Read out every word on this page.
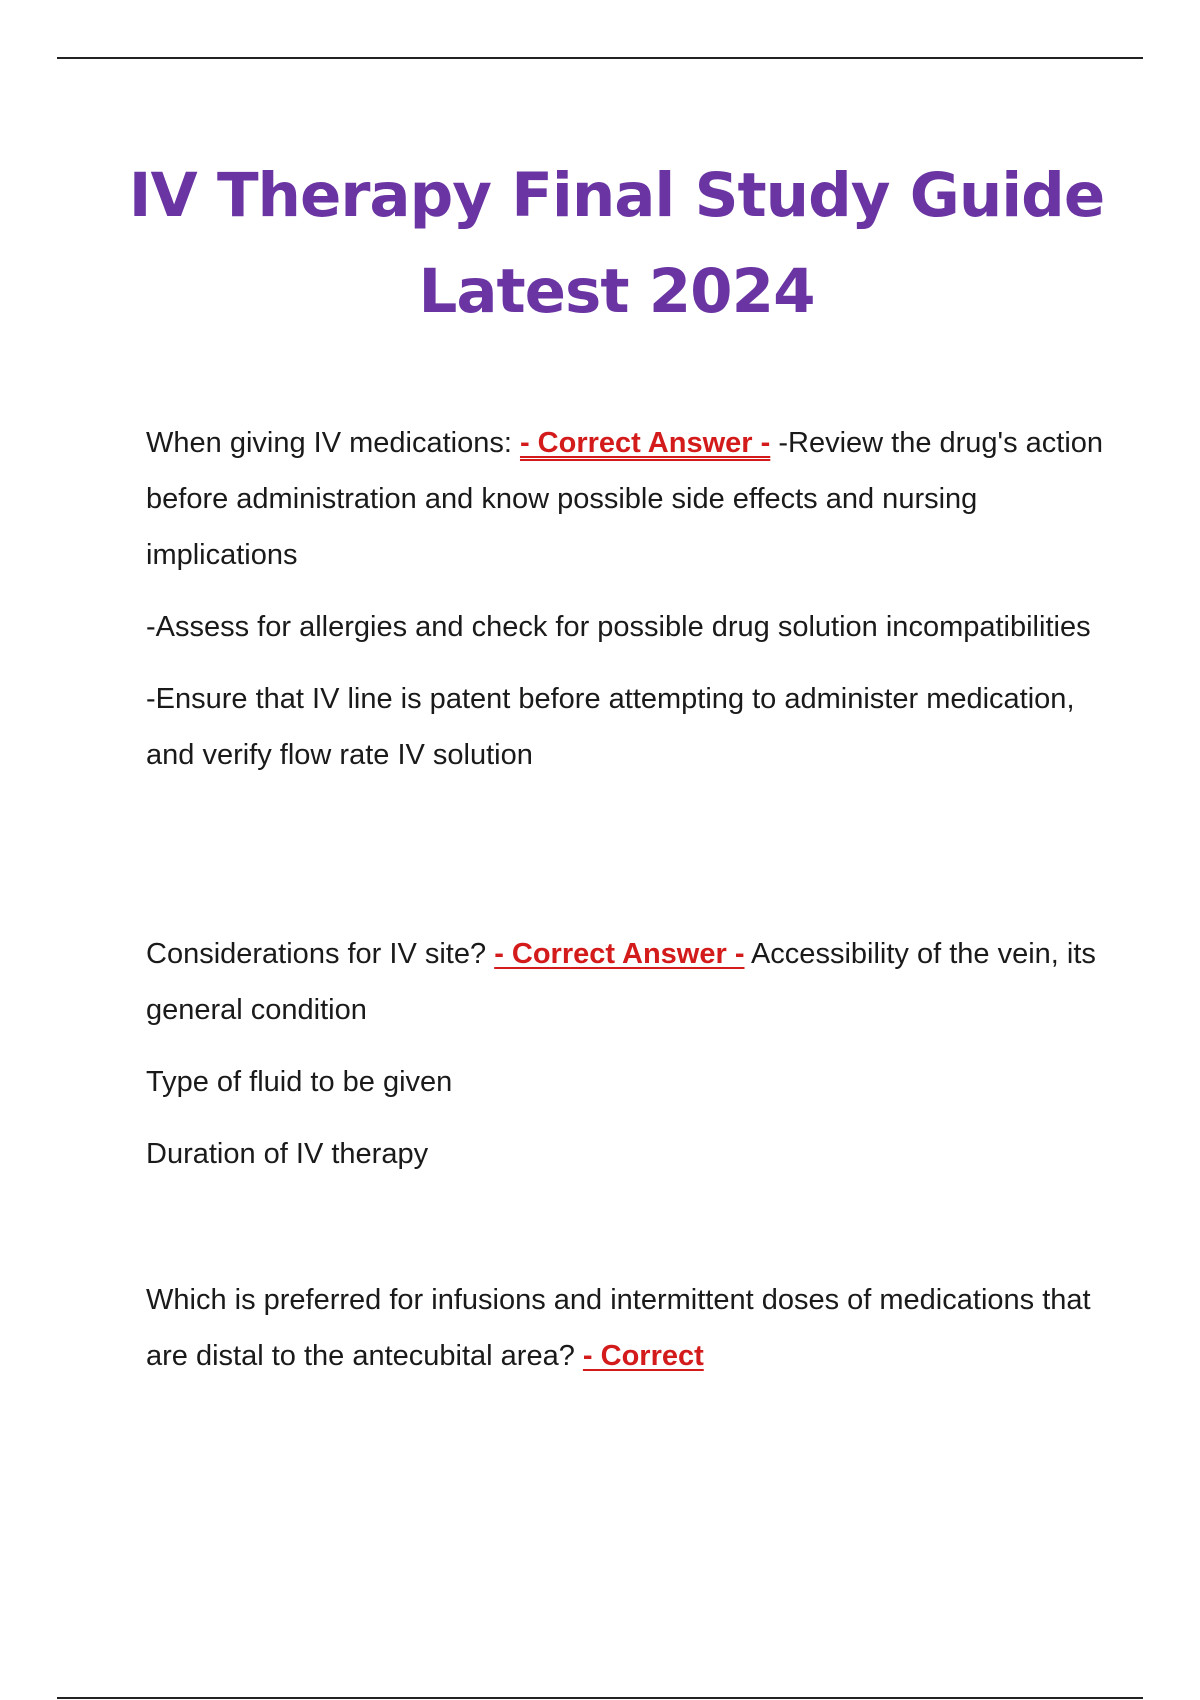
IV Therapy Final Study Guide
Latest 2024

When giving IV medications: - Correct Answer - -Review the drug's action before administration and know possible side effects and nursing implications

-Assess for allergies and check for possible drug solution incompatibilities

-Ensure that IV line is patent before attempting to administer medication, and verify flow rate IV solution

Considerations for IV site? - Correct Answer - Accessibility of the vein, its general condition

Type of fluid to be given

Duration of IV therapy

Which is preferred for infusions and intermittent doses of medications that are distal to the antecubital area? - Correct
